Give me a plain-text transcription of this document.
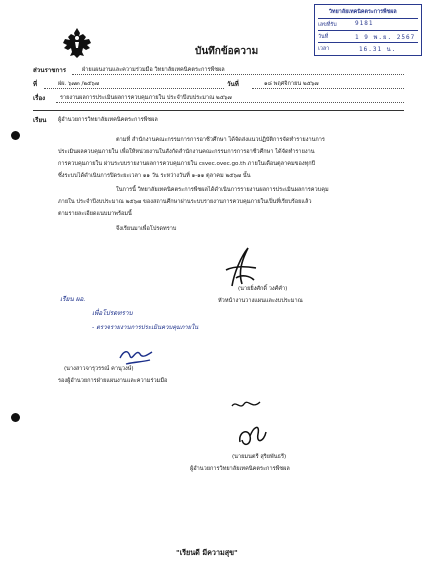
วิทยาลัยเทคนิคตระการพืชผล
เลขที่รับ	9181
วันที่	1 9 พ.ย. 2567
เวลา	16.31 น.
บันทึกข้อความ
ส่วนราชการ	ฝ่ายแผนงานและความร่วมมือ วิทยาลัยเทคนิคตระการพืชผล
ที่	ฝผ. ๖๗๓ /๒๕๖๗	วันที่	๑๘ พฤศจิกายน ๒๕๖๗
เรื่อง	รายงานผลการประเมินผลการควบคุมภายใน ประจำปีงบประมาณ ๒๕๖๗
เรียน ผู้อำนวยการวิทยาลัยเทคนิคตระการพืชผล
ตามที่ สำนักงานคณะกรรมการการอาชีวศึกษา ได้จัดส่งแนวปฏิบัติการจัดทำรายงานการ
ประเมินผลควบคุมภายใน เพื่อให้หน่วยงานในสังกัดสำนักงานคณะกรรมการการอาชีวศึกษา ได้จัดทำรายงาน
การควบคุมภายใน ผ่านระบบรายงานผลการควบคุมภายใน csvec.ovec.go.th ภายในเดือนตุลาคมของทุกปี
ซึ่งระบบได้ดำเนินการปิดระยะเวลา ๑๑ วัน ระหว่างวันที่ ๑-๑๑ ตุลาคม ๒๕๖๗ นั้น
ในการนี้ วิทยาลัยเทคนิคตระการพืชผลได้ดำเนินการรายงานผลการประเมินผลการควบคุม
ภายใน ประจำปีงบประมาณ ๒๕๖๗ ของสถานศึกษาผ่านระบบรายงานการควบคุมภายในเป็นที่เรียบร้อยแล้ว
ตามรายละเอียดแนบมาพร้อมนี้
จึงเรียนมาเพื่อโปรดทราบ
(นายยิ่งศักดิ์ วงศ์คำ)
หัวหน้างานวางแผนและงบประมาณ
เรียน ผอ.
เพื่อโปรดทราบ
- ตรวจรายงานการประเมินควบคุมภายใน
(นางสาวจารุวรรณ์ คานุวงษ์)
รองผู้อำนวยการฝ่ายแผนงานและความร่วมมือ
(นายมนตรี สุริยพันธรี)
ผู้อำนวยการวิทยาลัยเทคนิคตระการพืชผล
"เรียนดี มีความสุข"
